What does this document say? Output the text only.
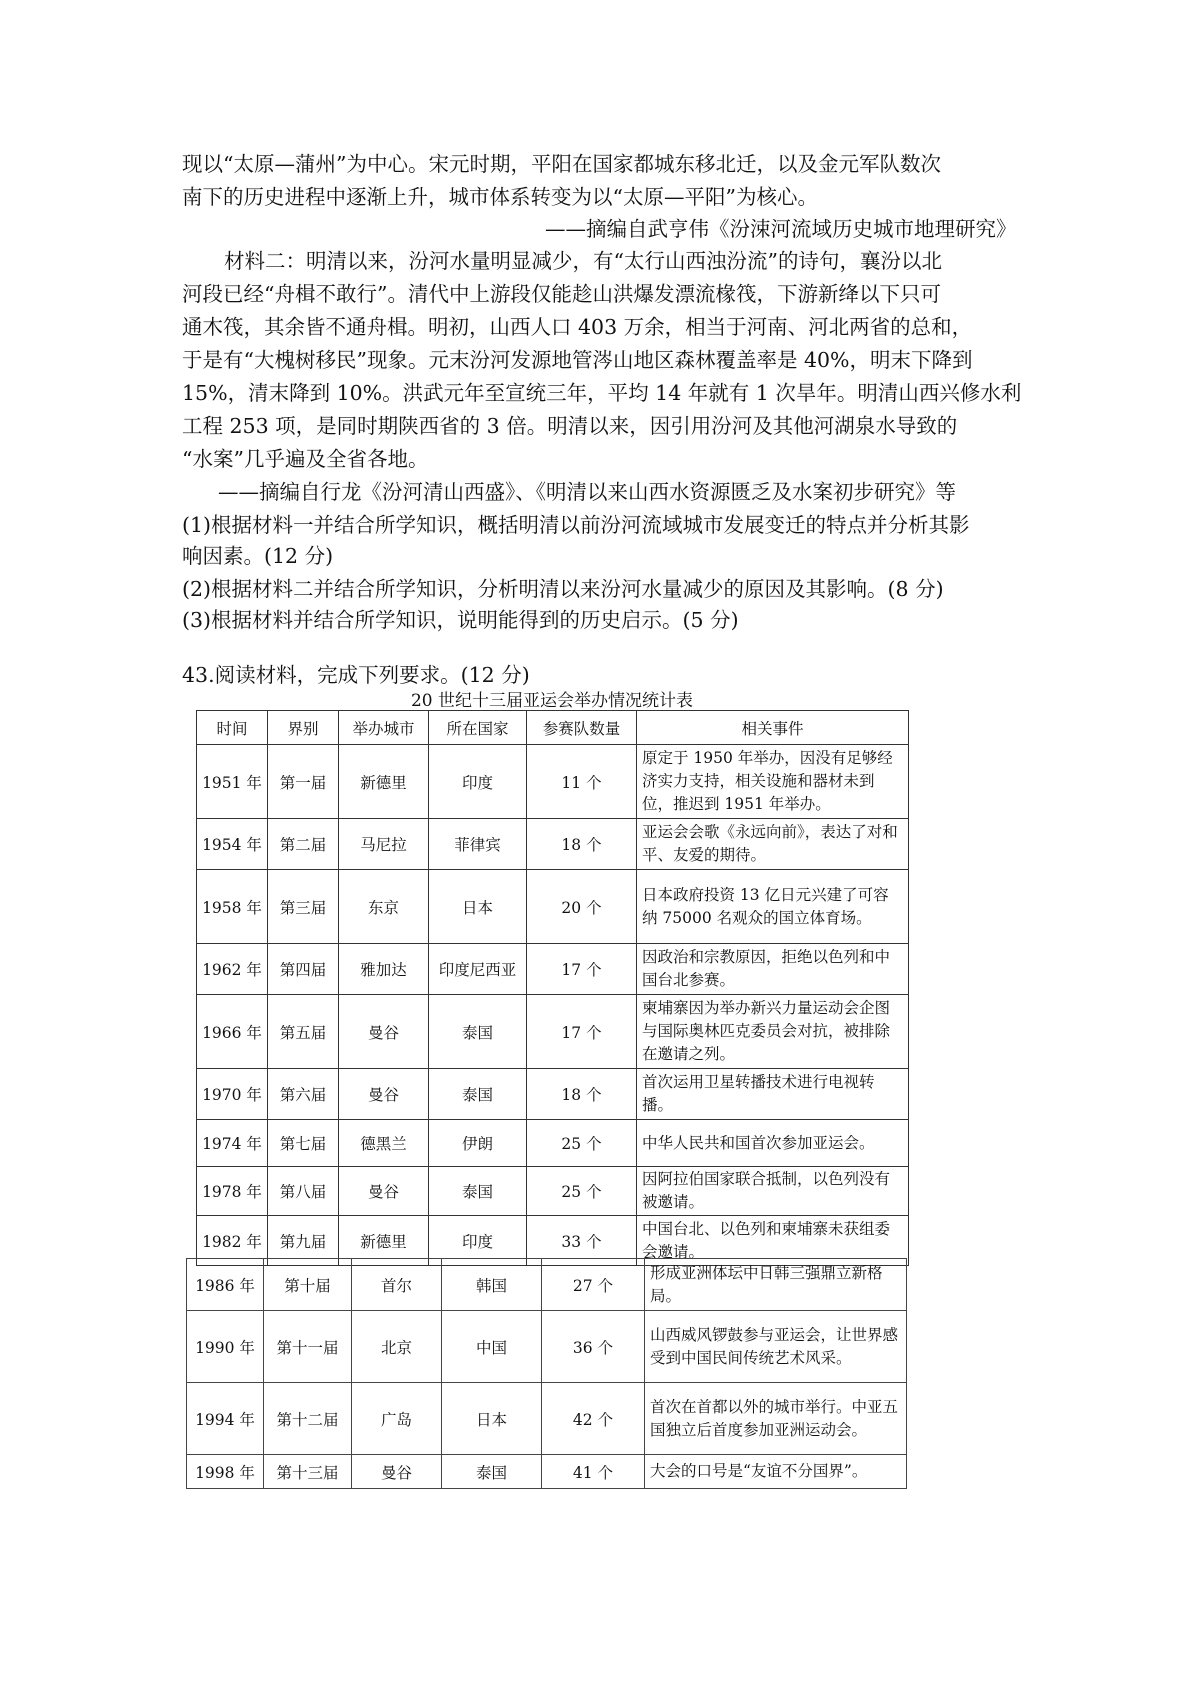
现以“太原—蒲州”为中心。宋元时期，平阳在国家都城东移北迁，以及金元军队数次
南下的历史进程中逐渐上升，城市体系转变为以“太原—平阳”为核心。

——摘编自武亨伟《汾涑河流域历史城市地理研究》

材料二：明清以来，汾河水量明显减少，有“太行山西浊汾流”的诗句，襄汾以北
河段已经“舟楫不敢行”。清代中上游段仅能趁山洪爆发漂流椽筏，下游新绛以下只可
通木筏，其余皆不通舟楫。明初，山西人口 403 万余，相当于河南、河北两省的总和，
于是有“大槐树移民”现象。元末汾河发源地管涔山地区森林覆盖率是 40%，明末下降到
15%，清末降到 10%。洪武元年至宣统三年，平均 14 年就有 1 次旱年。明清山西兴修水利
工程 253 项，是同时期陕西省的 3 倍。明清以来，因引用汾河及其他河湖泉水导致的
“水案”几乎遍及全省各地。

——摘编自行龙《汾河清山西盛》、《明清以来山西水资源匮乏及水案初步研究》等
(1)根据材料一并结合所学知识，概括明清以前汾河流域城市发展变迁的特点并分析其影
响因素。(12 分)
(2)根据材料二并结合所学知识，分析明清以来汾河水量减少的原因及其影响。(8 分)
(3)根据材料并结合所学知识，说明能得到的历史启示。(5 分)
43.阅读材料，完成下列要求。(12 分)
20 世纪十三届亚运会举办情况统计表
时间	界别	举办城市	所在国家	参赛队数量	相关事件
1951 年	第一届	新德里	印度	11 个	原定于 1950 年举办，因没有足够经济实力支持，相关设施和器材未到位，推迟到 1951 年举办。
1954 年	第二届	马尼拉	菲律宾	18 个	亚运会会歌《永远向前》，表达了对和平、友爱的期待。
1958 年	第三届	东京	日本	20 个	日本政府投资 13 亿日元兴建了可容纳 75000 名观众的国立体育场。
1962 年	第四届	雅加达	印度尼西亚	17 个	因政治和宗教原因，拒绝以色列和中国台北参赛。
1966 年	第五届	曼谷	泰国	17 个	柬埔寨因为举办新兴力量运动会企图与国际奥林匹克委员会对抗，被排除在邀请之列。
1970 年	第六届	曼谷	泰国	18 个	首次运用卫星转播技术进行电视转播。
1974 年	第七届	德黑兰	伊朗	25 个	中华人民共和国首次参加亚运会。
1978 年	第八届	曼谷	泰国	25 个	因阿拉伯国家联合抵制，以色列没有被邀请。
1982 年	第九届	新德里	印度	33 个	中国台北、以色列和柬埔寨未获组委会邀请。
1986 年	第十届	首尔	韩国	27 个	形成亚洲体坛中日韩三强鼎立新格局。
1990 年	第十一届	北京	中国	36 个	山西威风锣鼓参与亚运会，让世界感受到中国民间传统艺术风采。
1994 年	第十二届	广岛	日本	42 个	首次在首都以外的城市举行。中亚五国独立后首度参加亚洲运动会。
1998 年	第十三届	曼谷	泰国	41 个	大会的口号是“友谊不分国界”。
